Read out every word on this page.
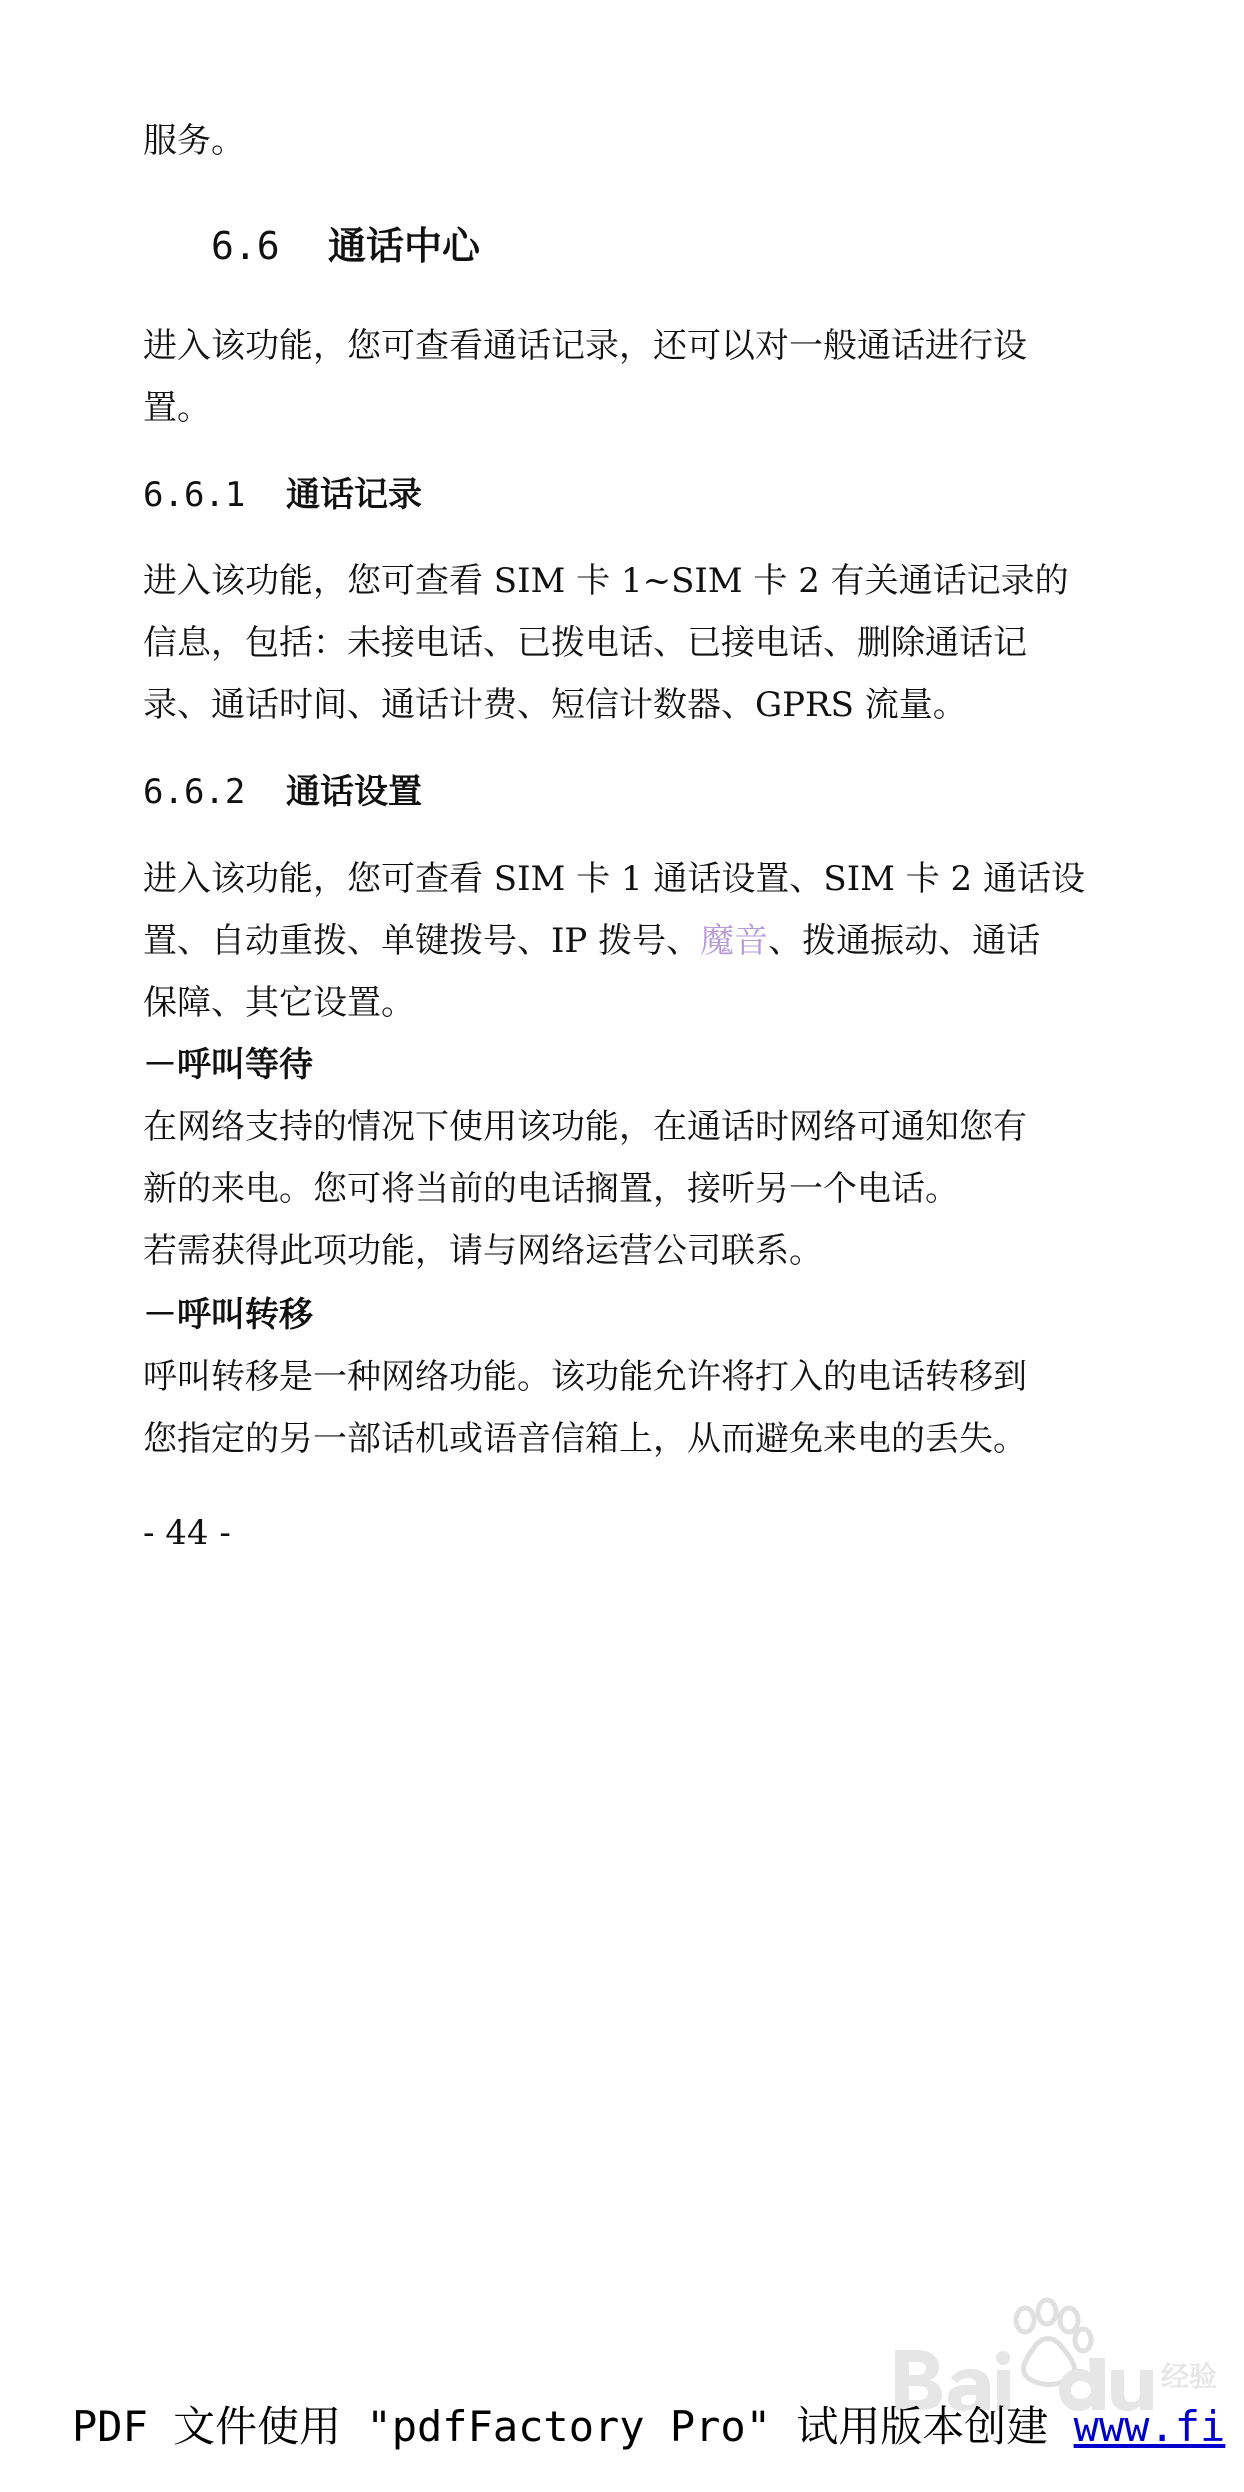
服务。

6.6 通话中心
进入该功能，您可查看通话记录，还可以对一般通话进行设
置。
6.6.1 通话记录
进入该功能，您可查看 SIM 卡 1~SIM 卡 2 有关通话记录的
信息，包括：未接电话、已拨电话、已接电话、删除通话记
录、通话时间、通话计费、短信计数器、GPRS 流量。
6.6.2 通话设置
进入该功能，您可查看 SIM 卡 1 通话设置、SIM 卡 2 通话设
置、自动重拨、单键拨号、IP 拨号、魔音、拨通振动、通话
保障、其它设置。

－呼叫等待

在网络支持的情况下使用该功能，在通话时网络可通知您有
新的来电。您可将当前的电话搁置，接听另一个电话。
若需获得此项功能，请与网络运营公司联系。

－呼叫转移

呼叫转移是一种网络功能。该功能允许将打入的电话转移到
您指定的另一部话机或语音信箱上，从而避免来电的丢失。

- 44 -

经验

PDF 文件使用 "pdfFactory Pro" 试用版本创建 www.fi
